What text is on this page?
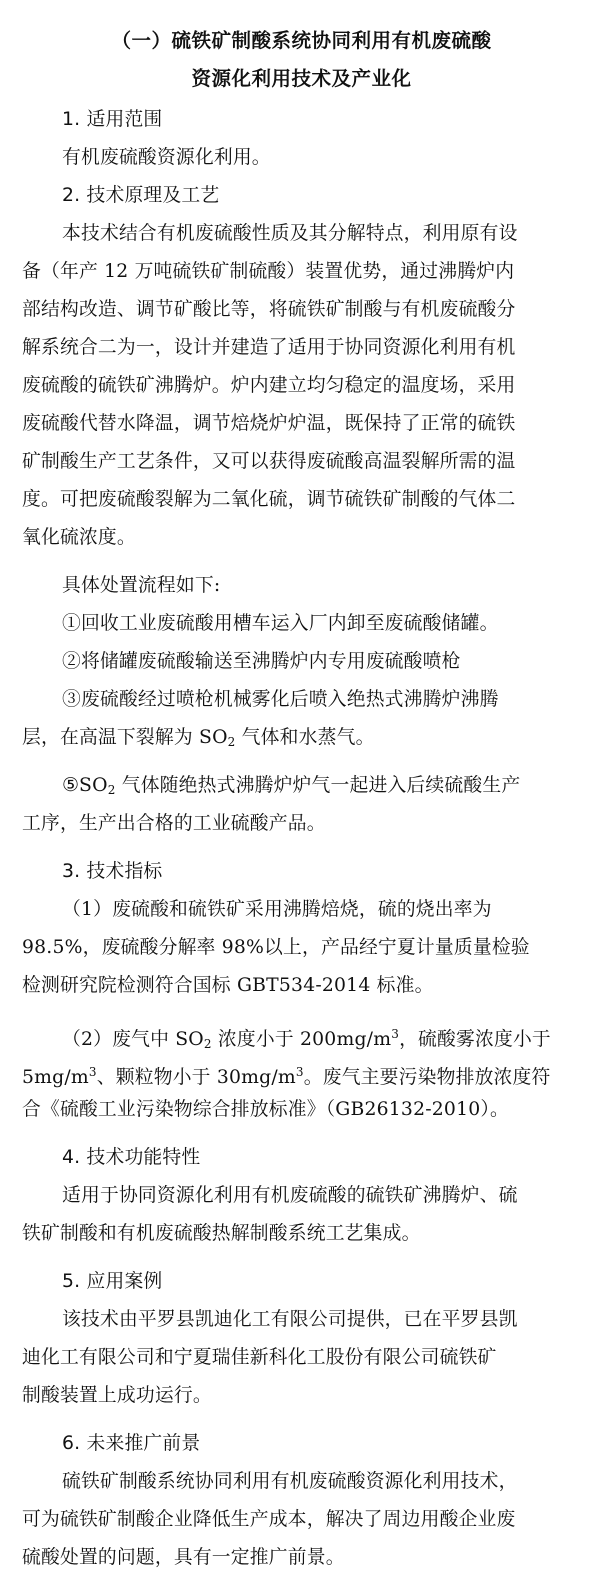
（一）硫铁矿制酸系统协同利用有机废硫酸
资源化利用技术及产业化
1. 适用范围
有机废硫酸资源化利用。
2. 技术原理及工艺
本技术结合有机废硫酸性质及其分解特点，利用原有设
备（年产 12 万吨硫铁矿制硫酸）装置优势，通过沸腾炉内
部结构改造、调节矿酸比等，将硫铁矿制酸与有机废硫酸分
解系统合二为一，设计并建造了适用于协同资源化利用有机
废硫酸的硫铁矿沸腾炉。炉内建立均匀稳定的温度场，采用
废硫酸代替水降温，调节焙烧炉炉温，既保持了正常的硫铁
矿制酸生产工艺条件，又可以获得废硫酸高温裂解所需的温
度。可把废硫酸裂解为二氧化硫，调节硫铁矿制酸的气体二
氧化硫浓度。
具体处置流程如下:
①回收工业废硫酸用槽车运入厂内卸至废硫酸储罐。
②将储罐废硫酸输送至沸腾炉内专用废硫酸喷枪
③废硫酸经过喷枪机械雾化后喷入绝热式沸腾炉沸腾
层，在高温下裂解为 $SO_2$ 气体和水蒸气。
$⑤SO_2$ 气体随绝热式沸腾炉炉气一起进入后续硫酸生产
工序，生产出合格的工业硫酸产品。
3. 技术指标
（1）废硫酸和硫铁矿采用沸腾焙烧，硫的烧出率为
98.5%，废硫酸分解率 98%以上，产品经宁夏计量质量检验
检测研究院检测符合国标 GBT534-2014 标准。
（2）废气中 $SO_2$ 浓度小于 $200mg/m^3$，硫酸雾浓度小于
$5mg/m^3$、颗粒物小于 $30mg/m^3$。废气主要污染物排放浓度符
合《硫酸工业污染物综合排放标准》（GB26132-2010）。
4. 技术功能特性
适用于协同资源化利用有机废硫酸的硫铁矿沸腾炉、硫
铁矿制酸和有机废硫酸热解制酸系统工艺集成。
5. 应用案例
该技术由平罗县凯迪化工有限公司提供，已在平罗县凯
迪化工有限公司和宁夏瑞佳新科化工股份有限公司硫铁矿
制酸装置上成功运行。
6. 未来推广前景
硫铁矿制酸系统协同利用有机废硫酸资源化利用技术，
可为硫铁矿制酸企业降低生产成本，解决了周边用酸企业废
硫酸处置的问题，具有一定推广前景。
